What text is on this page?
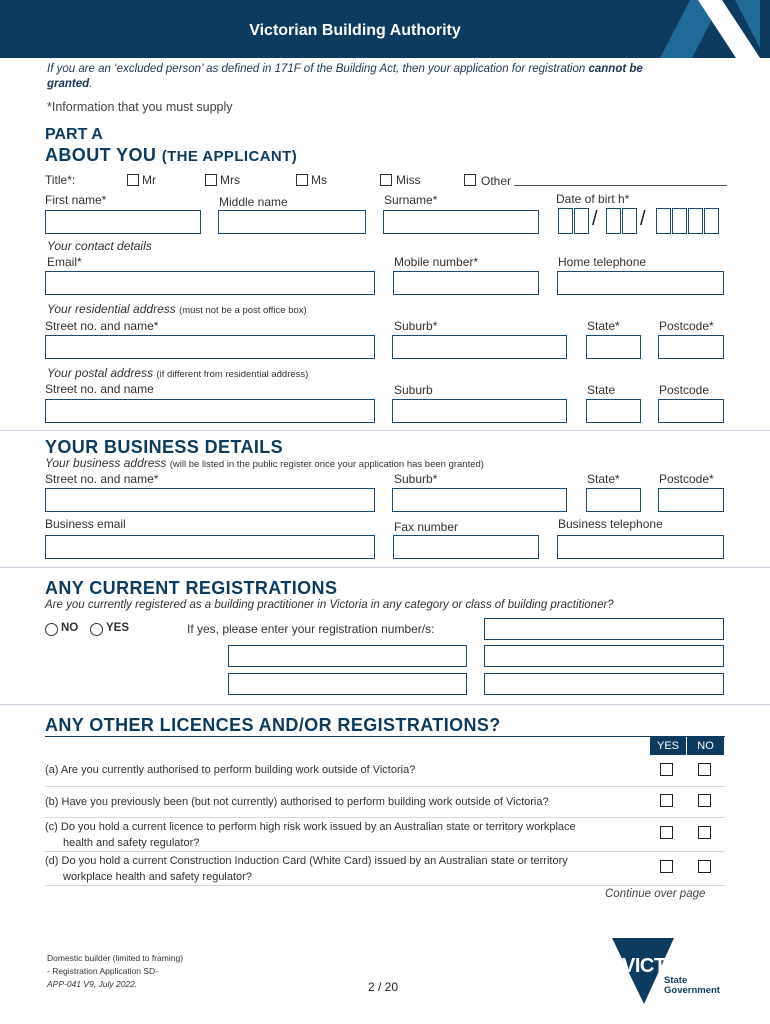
Victorian Building Authority
If you are an ‘excluded person’ as defined in 171F of the Building Act, then your application for registration cannot be
granted.
*Information that you must supply
PART A
ABOUT YOU (THE APPLICANT)
Title*:	Mr	Mrs	Ms	Miss	Other
First name*	Middle name	Surname*	Date of birt h*
/ /
Your contact details
Email*	Mobile number*	Home telephone
Your residential address (must not be a post office box)
Street no. and name*	Suburb*	State*	Postcode*
Your postal address (if different from residential address)
Street no. and name	Suburb	State	Postcode
YOUR BUSINESS DETAILS
Your business address (will be listed in the public register once your application has been granted)
Street no. and name*	Suburb*	State*	Postcode*
Business email	Fax number	Business telephone
ANY CURRENT REGISTRATIONS
Are you currently registered as a building practitioner in Victoria in any category or class of building practitioner?
NO YES	If yes, please enter your registration number/s:
ANY OTHER LICENCES AND/OR REGISTRATIONS?
YES	NO
(a) Are you currently authorised to perform building work outside of Victoria?
(b) Have you previously been (but not currently) authorised to perform building work outside of Victoria?
(c) Do you hold a current licence to perform high risk work issued by an Australian state or territory workplace
health and safety regulator?
(d) Do you hold a current Construction Induction Card (White Card) issued by an Australian state or territory
workplace health and safety regulator?
Continue over page
Domestic builder (limited to framing)
- Registration Application SD-
APP-041 V9, July 2022.	2 / 20
VICTORIA
State
Government
